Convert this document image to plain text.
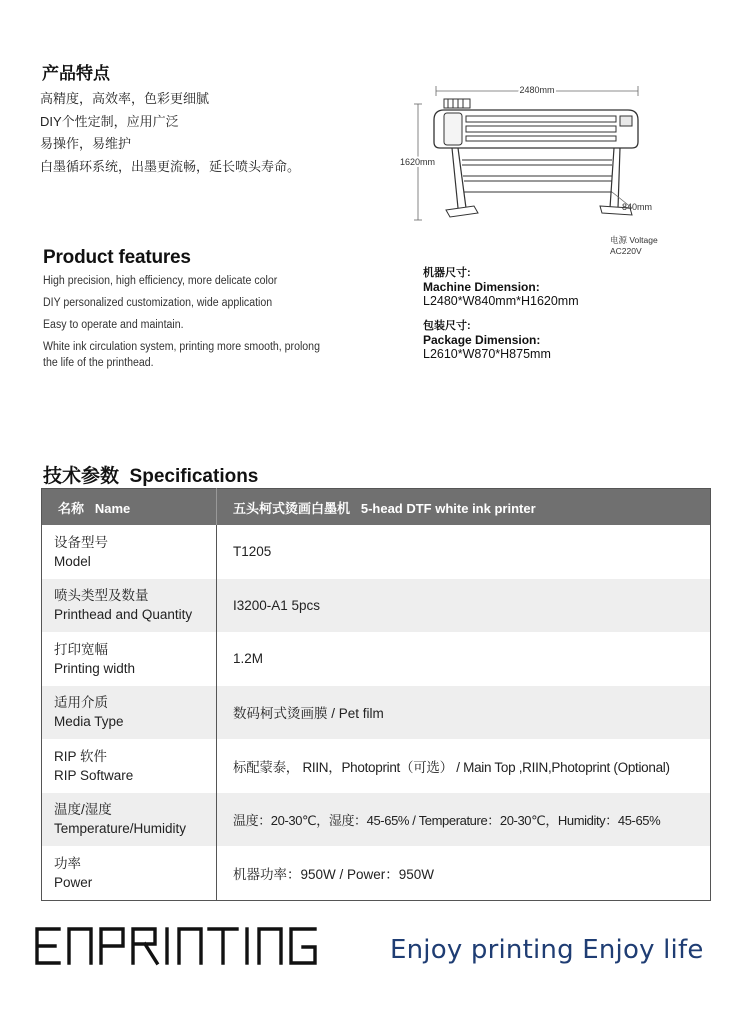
产品特点
高精度，高效率，色彩更细腻
DIY个性定制，应用广泛
易操作，易维护
白墨循环系统，出墨更流畅，延长喷头寿命。
Product features
High precision, high efficiency, more delicate color
DIY personalized customization, wide application
Easy to operate and maintain.
White ink circulation system, printing more smooth, prolong
the life of the printhead.
2480mm
1620mm
840mm
电源 Voltage
AC220V
机器尺寸:
Machine Dimension:
L2480*W840mm*H1620mm
包装尺寸:
Package Dimension:
L2610*W870*H875mm
技术参数  Specifications
名称   Name	五头柯式烫画白墨机   5-head DTF white ink printer

设备型号
Model	T1205

喷头类型及数量
Printhead and Quantity	I3200-A1 5pcs

打印宽幅
Printing width	1.2M

适用介质
Media Type	数码柯式烫画膜 / Pet film

RIP 软件
RIP Software	标配蒙泰， RIIN，Photoprint（可选） / Main Top ,RIIN,Photoprint (Optional)

温度/湿度
Temperature/Humidity	温度：20-30℃，湿度：45-65% / Temperature：20-30℃，Humidity：45-65%

功率
Power	机器功率：950W / Power：950W
Enjoy printing Enjoy life
